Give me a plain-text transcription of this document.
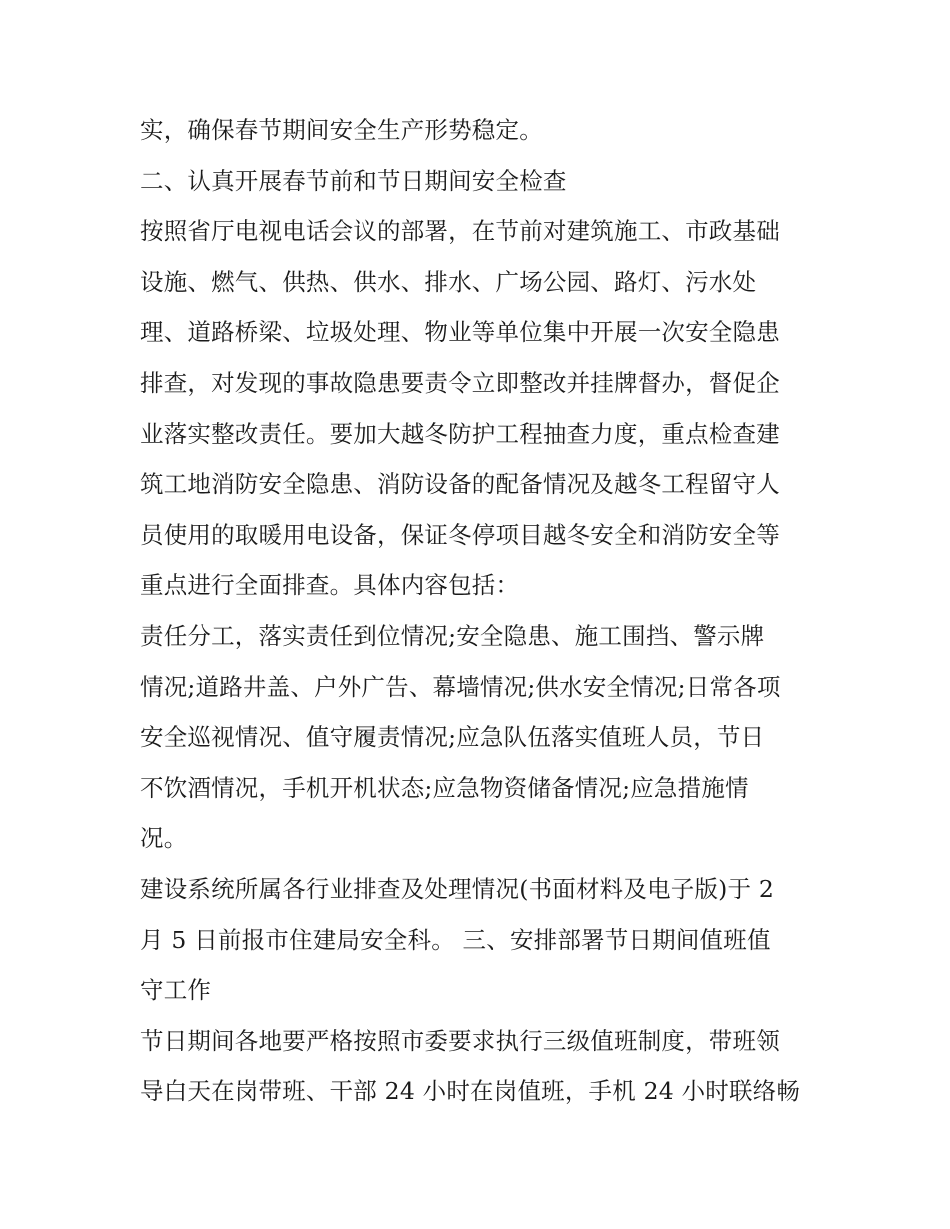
实，确保春节期间安全生产形势稳定。
二、认真开展春节前和节日期间安全检查
按照省厅电视电话会议的部署，在节前对建筑施工、市政基础
设施、燃气、供热、供水、排水、广场公园、路灯、污水处
理、道路桥梁、垃圾处理、物业等单位集中开展一次安全隐患
排查，对发现的事故隐患要责令立即整改并挂牌督办，督促企
业落实整改责任。要加大越冬防护工程抽查力度，重点检查建
筑工地消防安全隐患、消防设备的配备情况及越冬工程留守人
员使用的取暖用电设备，保证冬停项目越冬安全和消防安全等
重点进行全面排查。具体内容包括：
责任分工，落实责任到位情况;安全隐患、施工围挡、警示牌
情况;道路井盖、户外广告、幕墙情况;供水安全情况;日常各项
安全巡视情况、值守履责情况;应急队伍落实值班人员，节日
不饮酒情况，手机开机状态;应急物资储备情况;应急措施情
况。
建设系统所属各行业排查及处理情况(书面材料及电子版)于 2
月 5 日前报市住建局安全科。 三、安排部署节日期间值班值
守工作
节日期间各地要严格按照市委要求执行三级值班制度，带班领
导白天在岗带班、干部 24 小时在岗值班，手机 24 小时联络畅
